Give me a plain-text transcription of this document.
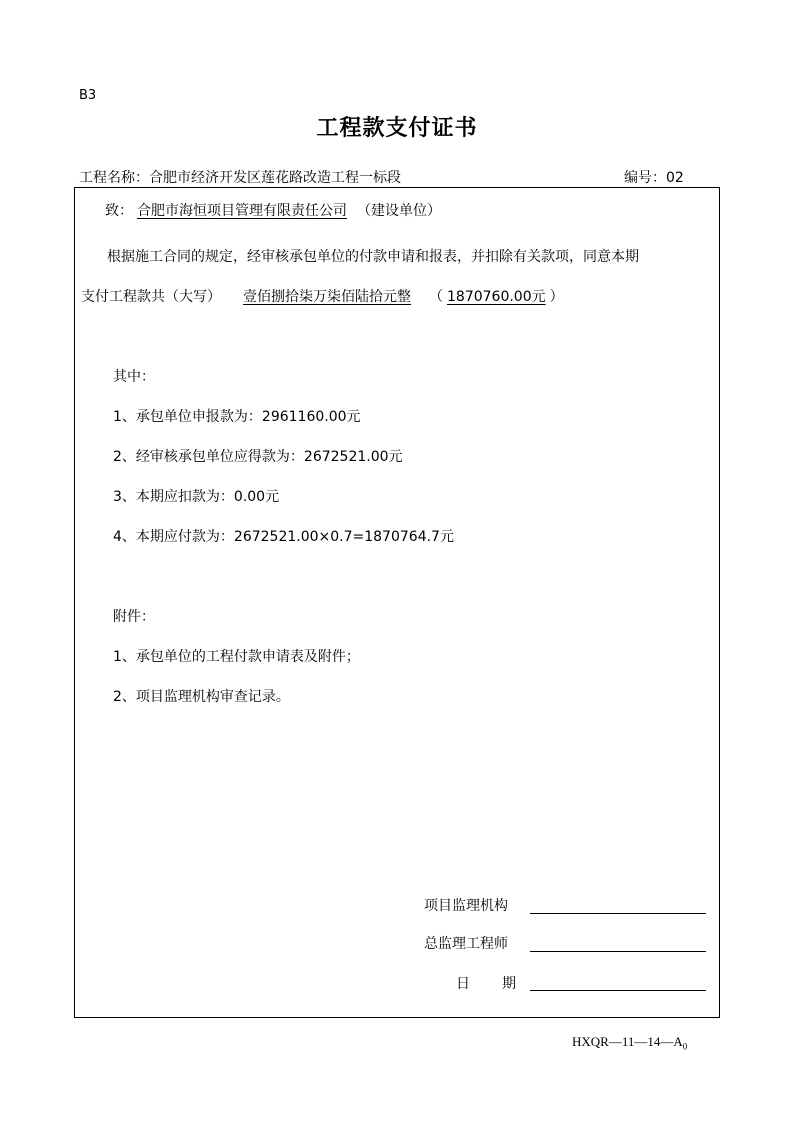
B3
工程款支付证书
工程名称：合肥市经济开发区莲花路改造工程一标段	编号：02
致： 合肥市海恒项目管理有限责任公司 （建设单位）
根据施工合同的规定，经审核承包单位的付款申请和报表，并扣除有关款项，同意本期
支付工程款共（大写） 壹佰捌拾柒万柒佰陆拾元整 （ 1870760.00元 ）
其中：
1、承包单位申报款为：2961160.00元
2、经审核承包单位应得款为：2672521.00元
3、本期应扣款为：0.00元
4、本期应付款为：2672521.00×0.7=1870764.7元
附件：
1、承包单位的工程付款申请表及附件；
2、项目监理机构审查记录。
项目监理机构
总监理工程师
日 期
$HXQR—11—14—A_0$
